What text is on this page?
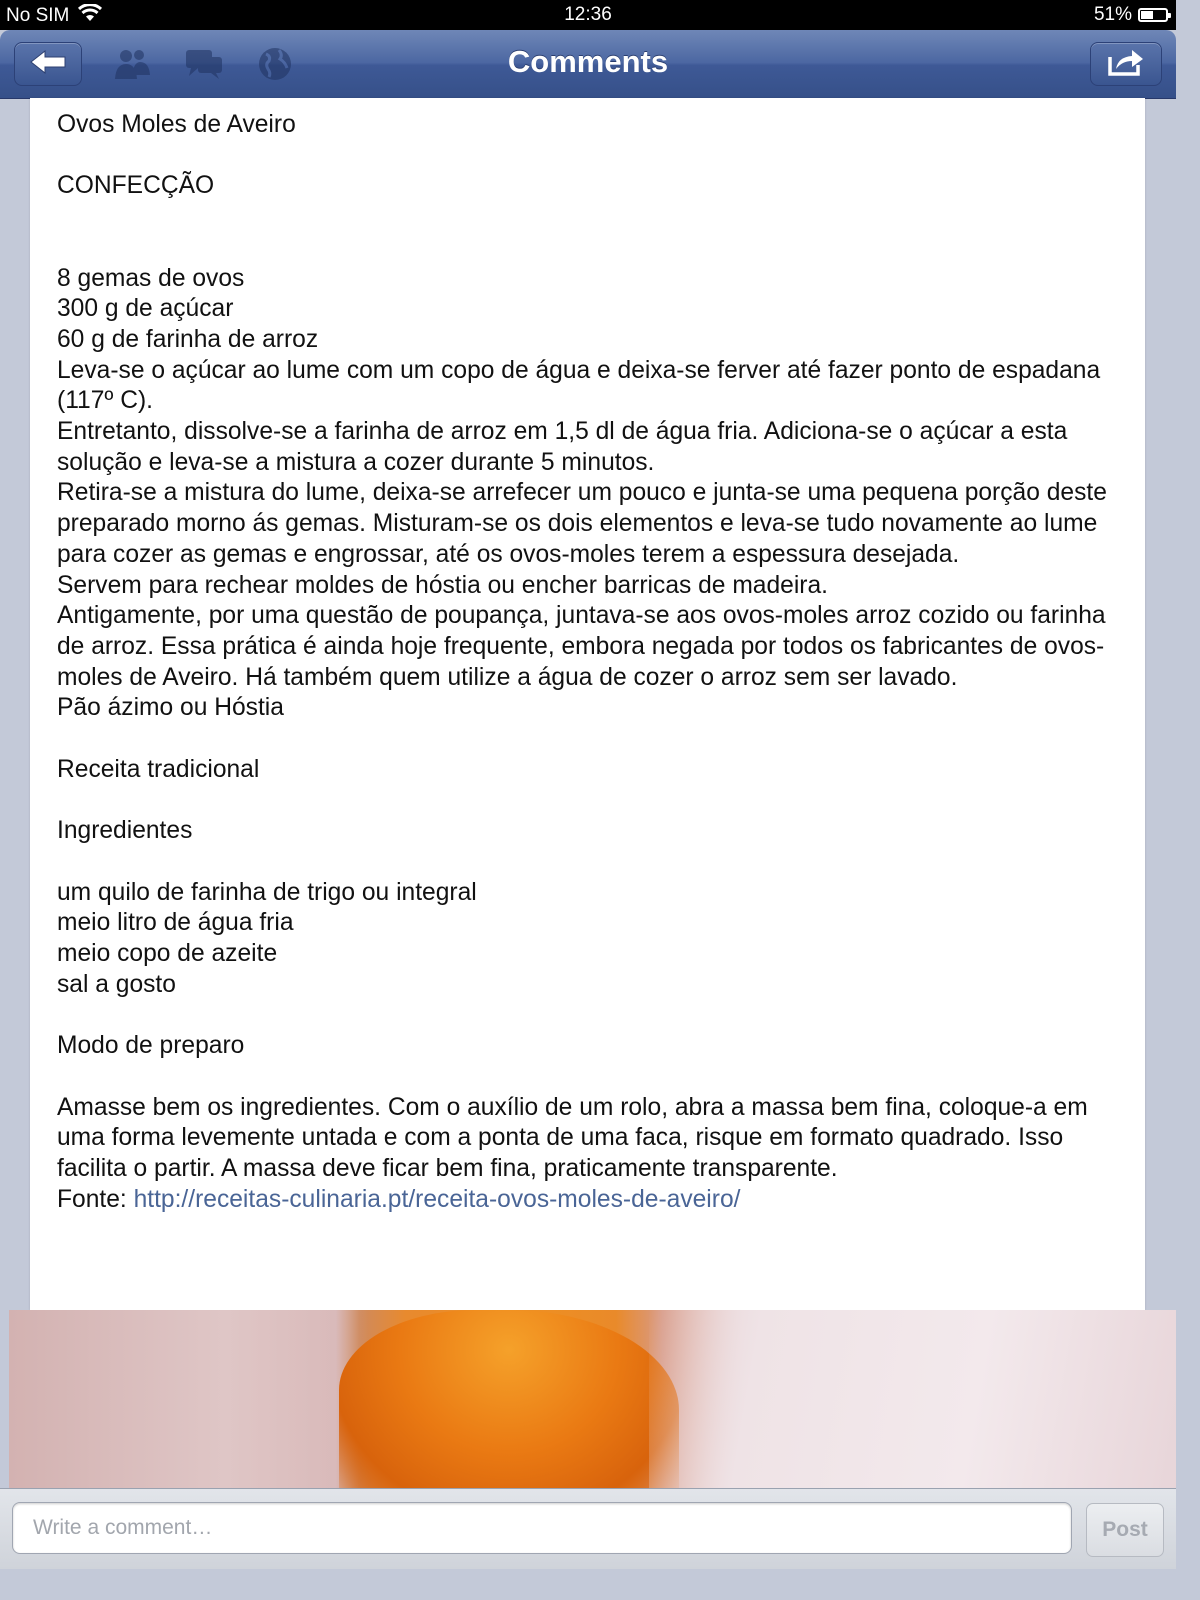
No SIM	12:36	51%
Comments
Ovos Moles de Aveiro

CONFECÇÃO

8 gemas de ovos
300 g de açúcar
60 g de farinha de arroz
Leva-se o açúcar ao lume com um copo de água e deixa-se ferver até fazer ponto de espadana (117º C).
Entretanto, dissolve-se a farinha de arroz em 1,5 dl de água fria. Adiciona-se o açúcar a esta solução e leva-se a mistura a cozer durante 5 minutos.
Retira-se a mistura do lume, deixa-se arrefecer um pouco e junta-se uma pequena porção deste preparado morno ás gemas. Misturam-se os dois elementos e leva-se tudo novamente ao lume para cozer as gemas e engrossar, até os ovos-moles terem a espessura desejada.
Servem para rechear moldes de hóstia ou encher barricas de madeira.
Antigamente, por uma questão de poupança, juntava-se aos ovos-moles arroz cozido ou farinha de arroz. Essa prática é ainda hoje frequente, embora negada por todos os fabricantes de ovos-moles de Aveiro. Há também quem utilize a água de cozer o arroz sem ser lavado.
Pão ázimo ou Hóstia

Receita tradicional

Ingredientes

um quilo de farinha de trigo ou integral
meio litro de água fria
meio copo de azeite
sal a gosto

Modo de preparo

Amasse bem os ingredientes. Com o auxílio de um rolo, abra a massa bem fina, coloque-a em uma forma levemente untada e com a ponta de uma faca, risque em formato quadrado. Isso facilita o partir. A massa deve ficar bem fina, praticamente transparente.
Fonte: http://receitas-culinaria.pt/receita-ovos-moles-de-aveiro/
Write a comment…
Post
